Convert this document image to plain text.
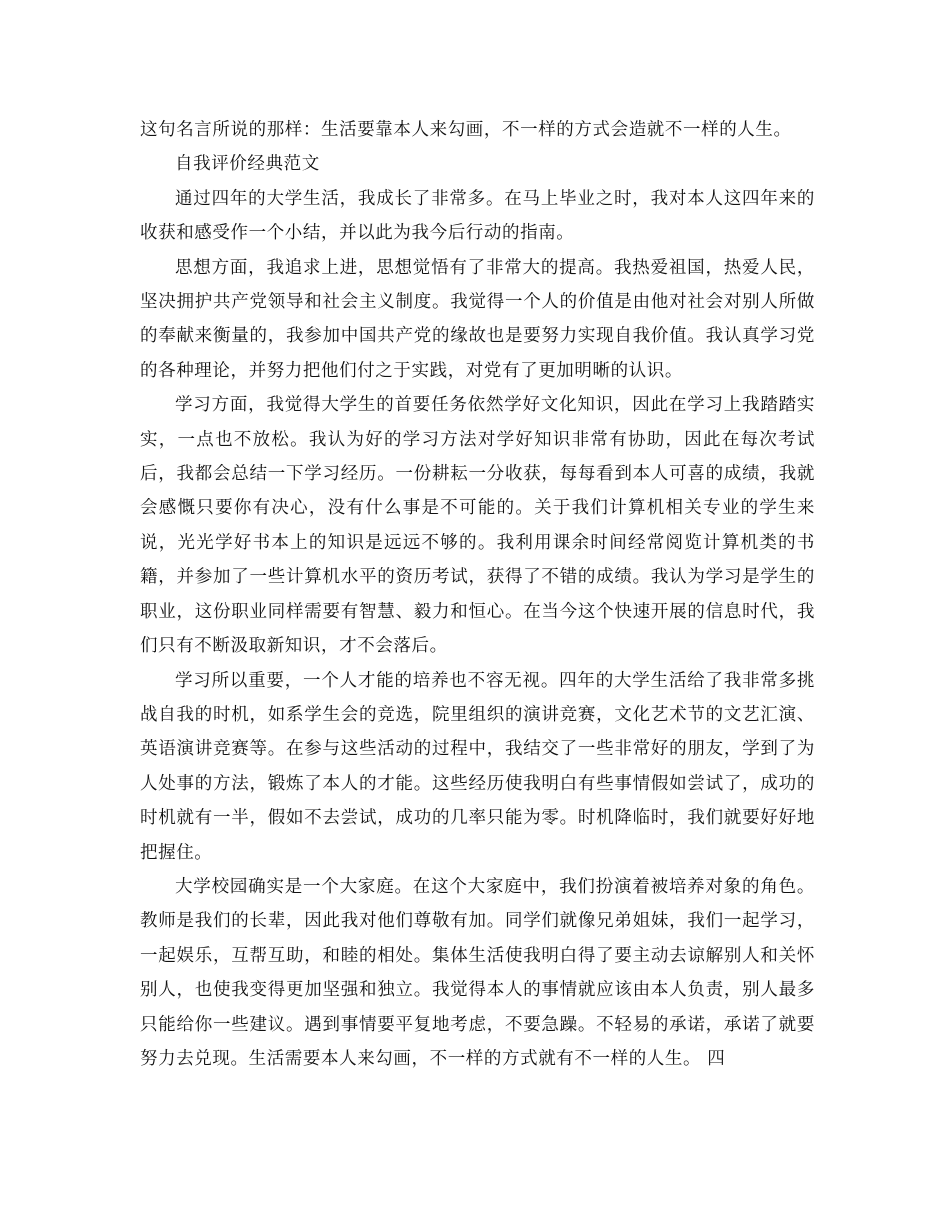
这句名言所说的那样：生活要靠本人来勾画，不一样的方式会造就不一样的人生。

自我评价经典范文

通过四年的大学生活，我成长了非常多。在马上毕业之时，我对本人这四年来的收获和感受作一个小结，并以此为我今后行动的指南。

思想方面，我追求上进，思想觉悟有了非常大的提高。我热爱祖国，热爱人民，坚决拥护共产党领导和社会主义制度。我觉得一个人的价值是由他对社会对别人所做的奉献来衡量的，我参加中国共产党的缘故也是要努力实现自我价值。我认真学习党的各种理论，并努力把他们付之于实践，对党有了更加明晰的认识。

学习方面，我觉得大学生的首要任务依然学好文化知识，因此在学习上我踏踏实实，一点也不放松。我认为好的学习方法对学好知识非常有协助，因此在每次考试后，我都会总结一下学习经历。一份耕耘一分收获，每每看到本人可喜的成绩，我就会感慨只要你有决心，没有什么事是不可能的。关于我们计算机相关专业的学生来说，光光学好书本上的知识是远远不够的。我利用课余时间经常阅览计算机类的书籍，并参加了一些计算机水平的资历考试，获得了不错的成绩。我认为学习是学生的职业，这份职业同样需要有智慧、毅力和恒心。在当今这个快速开展的信息时代，我们只有不断汲取新知识，才不会落后。

学习所以重要，一个人才能的培养也不容无视。四年的大学生活给了我非常多挑战自我的时机，如系学生会的竞选，院里组织的演讲竞赛，文化艺术节的文艺汇演、英语演讲竞赛等。在参与这些活动的过程中，我结交了一些非常好的朋友，学到了为人处事的方法，锻炼了本人的才能。这些经历使我明白有些事情假如尝试了，成功的时机就有一半，假如不去尝试，成功的几率只能为零。时机降临时，我们就要好好地把握住。

大学校园确实是一个大家庭。在这个大家庭中，我们扮演着被培养对象的角色。教师是我们的长辈，因此我对他们尊敬有加。同学们就像兄弟姐妹，我们一起学习，一起娱乐，互帮互助，和睦的相处。集体生活使我明白得了要主动去谅解别人和关怀别人，也使我变得更加坚强和独立。我觉得本人的事情就应该由本人负责，别人最多只能给你一些建议。遇到事情要平复地考虑，不要急躁。不轻易的承诺，承诺了就要努力去兑现。生活需要本人来勾画，不一样的方式就有不一样的人生。 四
